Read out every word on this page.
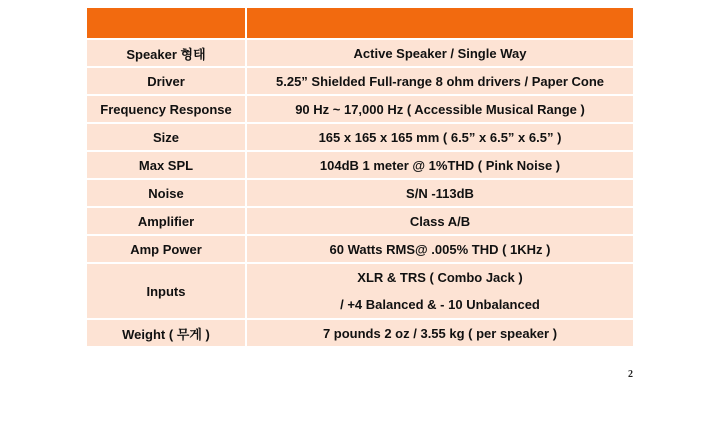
Speaker 형태	Active Speaker / Single Way
Driver	5.25” Shielded Full-range 8 ohm drivers / Paper Cone
Frequency Response	90 Hz ~ 17,000 Hz ( Accessible Musical Range )
Size	165 x 165 x 165 mm ( 6.5” x 6.5” x 6.5” )
Max SPL	104dB 1 meter @ 1%THD ( Pink Noise )
Noise	S/N -113dB
Amplifier	Class A/B
Amp Power	60 Watts RMS@ .005% THD ( 1KHz )
Inputs	XLR & TRS ( Combo Jack )
/ +4 Balanced & - 10 Unbalanced

Weight ( 무게 )	7 pounds 2 oz / 3.55 kg ( per speaker )
2
